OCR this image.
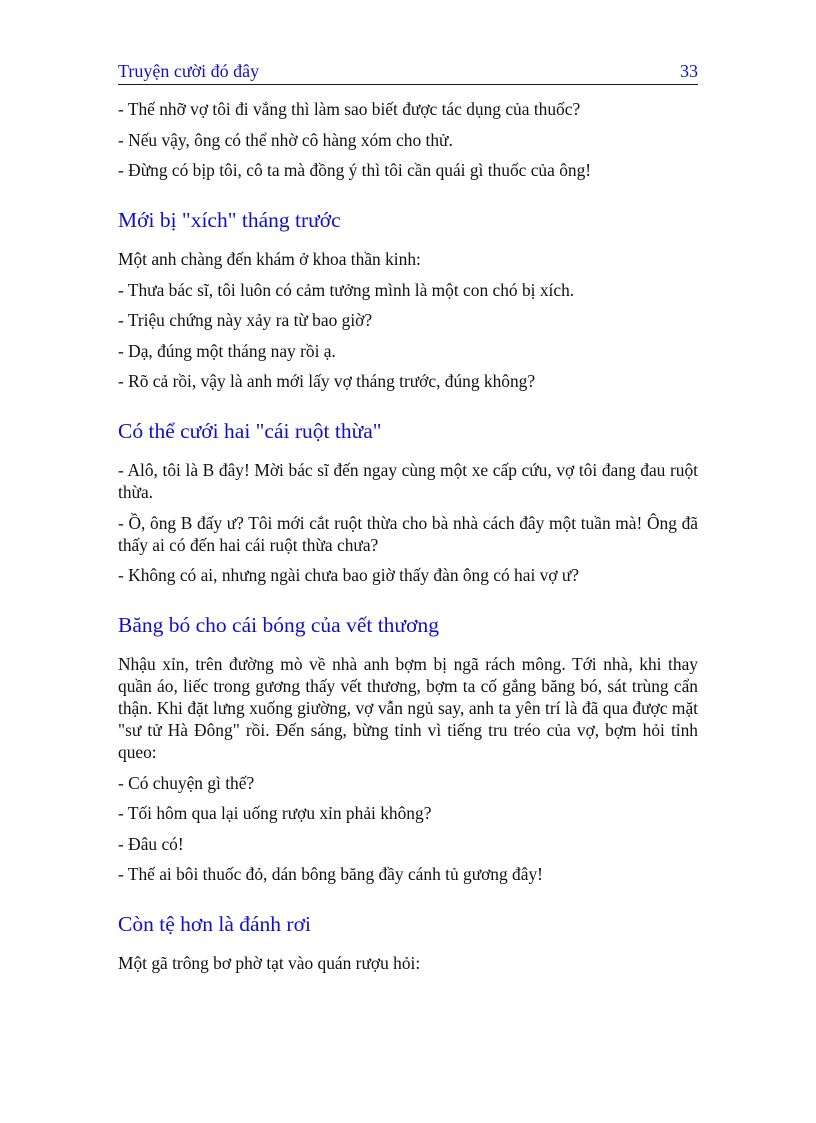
Truyện cười đó đây	33

- Thế nhỡ vợ tôi đi vắng thì làm sao biết được tác dụng của thuốc?

- Nếu vậy, ông có thể nhờ cô hàng xóm cho thử.

- Đừng có bịp tôi, cô ta mà đồng ý thì tôi cần quái gì thuốc của ông!

Mới bị "xích" tháng trước

Một anh chàng đến khám ở khoa thần kinh:

- Thưa bác sĩ, tôi luôn có cảm tưởng mình là một con chó bị xích.

- Triệu chứng này xảy ra từ bao giờ?

- Dạ, đúng một tháng nay rồi ạ.

- Rõ cả rồi, vậy là anh mới lấy vợ tháng trước, đúng không?

Có thể cưới hai "cái ruột thừa"

- Alô, tôi là B đây! Mời bác sĩ đến ngay cùng một xe cấp cứu, vợ tôi đang đau ruột thừa.

- Ồ, ông B đấy ư? Tôi mới cắt ruột thừa cho bà nhà cách đây một tuần mà! Ông đã thấy ai có đến hai cái ruột thừa chưa?

- Không có ai, nhưng ngài chưa bao giờ thấy đàn ông có hai vợ ư?

Băng bó cho cái bóng của vết thương

Nhậu xỉn, trên đường mò về nhà anh bợm bị ngã rách mông. Tới nhà, khi thay quần áo, liếc trong gương thấy vết thương, bợm ta cố gắng băng bó, sát trùng cẩn thận. Khi đặt lưng xuống giường, vợ vẫn ngủ say, anh ta yên trí là đã qua được mặt "sư tử Hà Đông" rồi. Đến sáng, bừng tỉnh vì tiếng tru tréo của vợ, bợm hỏi tỉnh queo:

- Có chuyện gì thế?

- Tối hôm qua lại uống rượu xỉn phải không?

- Đâu có!

- Thế ai bôi thuốc đỏ, dán bông băng đầy cánh tủ gương đây!

Còn tệ hơn là đánh rơi

Một gã trông bơ phờ tạt vào quán rượu hỏi:
